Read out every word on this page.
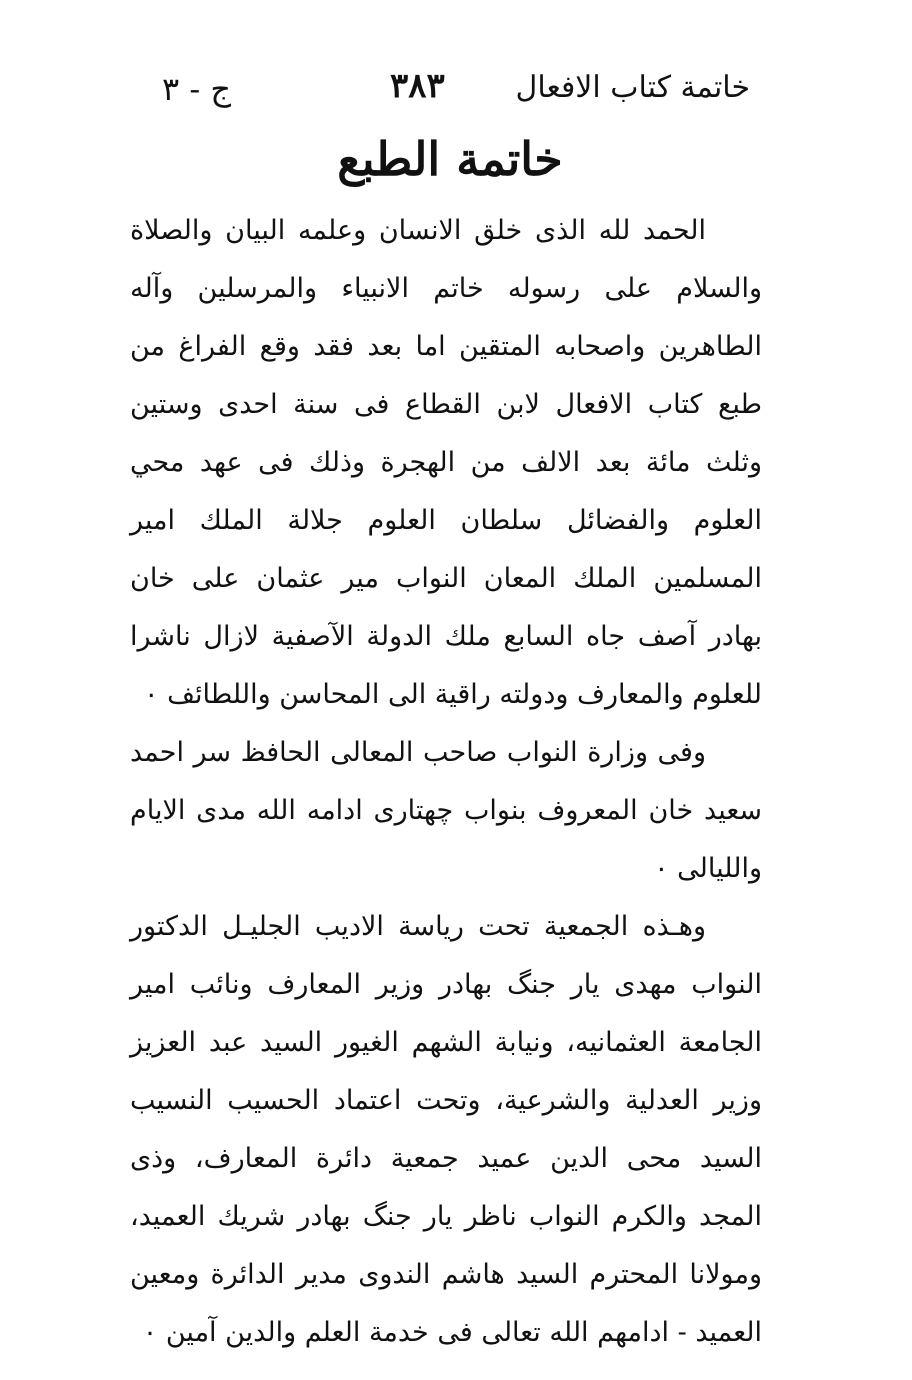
خاتمة كتاب الافعال
٣٨٣
ج - ٣
خاتمة الطبع

الحمد لله الذى خلق الانسان وعلمه البيان والصلاة والسلام على رسوله خاتم الانبياء والمرسلين وآله الطاهرين واصحابه المتقين اما بعد فقد وقع الفراغ من طبع كتاب الافعال لابن القطاع فى سنة احدى وستين وثلث مائة بعد الالف من الهجرة وذلك فى عهد محي العلوم والفضائل سلطان العلوم جلالة الملك امير المسلمين الملك المعان النواب مير عثمان على خان بهادر آصف جاه السابع ملك الدولة الآصفية لازال ناشرا للعلوم والمعارف ودولته راقية الى المحاسن واللطائف ٠

وفى وزارة النواب صاحب المعالى الحافظ سر احمد سعيد خان المعروف بنواب چهتارى ادامه الله مدى الايام والليالى ٠

وهـذه الجمعية تحت رياسة الاديب الجليـل الدكتور النواب مهدى يار جنگ بهادر وزير المعارف ونائب امير الجامعة العثمانيه، ونيابة الشهم الغيور السيد عبد العزيز وزير العدلية والشرعية، وتحت اعتماد الحسيب النسيب السيد محى الدين عميد جمعية دائرة المعارف، وذى المجد والكرم النواب ناظر يار جنگ بهادر شريك العميد، ومولانا المحترم السيد هاشم الندوى مدير الدائرة ومعين العميد - ادامهم الله تعالى فى خدمة العلم والدين آمين ٠
